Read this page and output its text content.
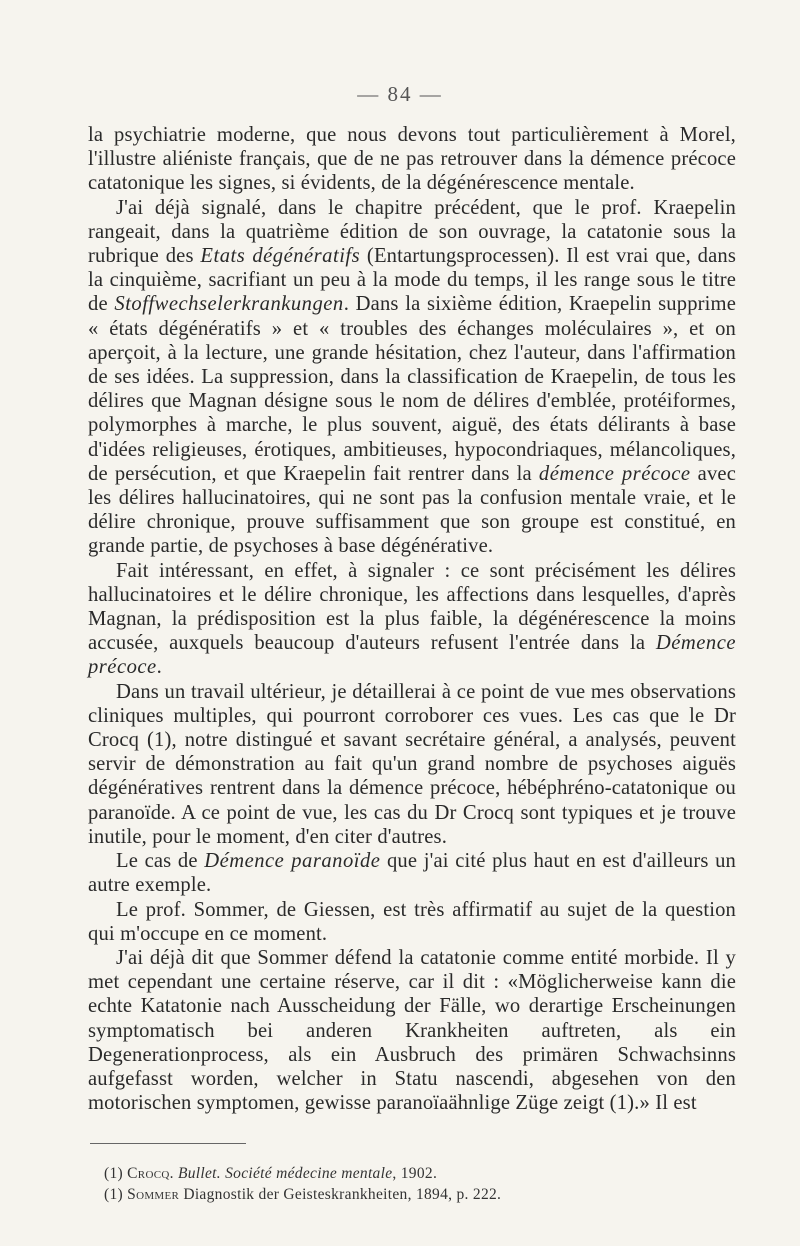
— 84 —

la psychiatrie moderne, que nous devons tout particulièrement à Morel, l'illustre aliéniste français, que de ne pas retrouver dans la démence précoce catatonique les signes, si évidents, de la dégénérescence mentale.

J'ai déjà signalé, dans le chapitre précédent, que le prof. Kraepelin rangeait, dans la quatrième édition de son ouvrage, la catatonie sous la rubrique des Etats dégénératifs (Entartungsprocessen). Il est vrai que, dans la cinquième, sacrifiant un peu à la mode du temps, il les range sous le titre de Stoffwechselerkrankungen. Dans la sixième édition, Kraepelin supprime « états dégénératifs » et « troubles des échanges moléculaires », et on aperçoit, à la lecture, une grande hésitation, chez l'auteur, dans l'affirmation de ses idées. La suppression, dans la classification de Kraepelin, de tous les délires que Magnan désigne sous le nom de délires d'emblée, protéiformes, polymorphes à marche, le plus souvent, aiguë, des états délirants à base d'idées religieuses, érotiques, ambitieuses, hypocondriaques, mélancoliques, de persécution, et que Kraepelin fait rentrer dans la démence précoce avec les délires hallucinatoires, qui ne sont pas la confusion mentale vraie, et le délire chronique, prouve suffisamment que son groupe est constitué, en grande partie, de psychoses à base dégénérative.

Fait intéressant, en effet, à signaler : ce sont précisément les délires hallucinatoires et le délire chronique, les affections dans lesquelles, d'après Magnan, la prédisposition est la plus faible, la dégénérescence la moins accusée, auxquels beaucoup d'auteurs refusent l'entrée dans la Démence précoce.

Dans un travail ultérieur, je détaillerai à ce point de vue mes observations cliniques multiples, qui pourront corroborer ces vues. Les cas que le Dr Crocq (1), notre distingué et savant secrétaire général, a analysés, peuvent servir de démonstration au fait qu'un grand nombre de psychoses aiguës dégénératives rentrent dans la démence précoce, hébéphréno-catatonique ou paranoïde. A ce point de vue, les cas du Dr Crocq sont typiques et je trouve inutile, pour le moment, d'en citer d'autres.

Le cas de Démence paranoïde que j'ai cité plus haut en est d'ailleurs un autre exemple.

Le prof. Sommer, de Giessen, est très affirmatif au sujet de la question qui m'occupe en ce moment.

J'ai déjà dit que Sommer défend la catatonie comme entité morbide. Il y met cependant une certaine réserve, car il dit : «Möglicherweise kann die echte Katatonie nach Ausscheidung der Fälle, wo derartige Erscheinungen symptomatisch bei anderen Krankheiten auftreten, als ein Degenerationprocess, als ein Ausbruch des primären Schwachsinns aufgefasst worden, welcher in Statu nascendi, abgesehen von den motorischen symptomen, gewisse paranoïaähnlige Züge zeigt (1).» Il est

(1) Crocq. Bullet. Société médecine mentale, 1902.
(1) Sommer Diagnostik der Geisteskrankheiten, 1894, p. 222.
